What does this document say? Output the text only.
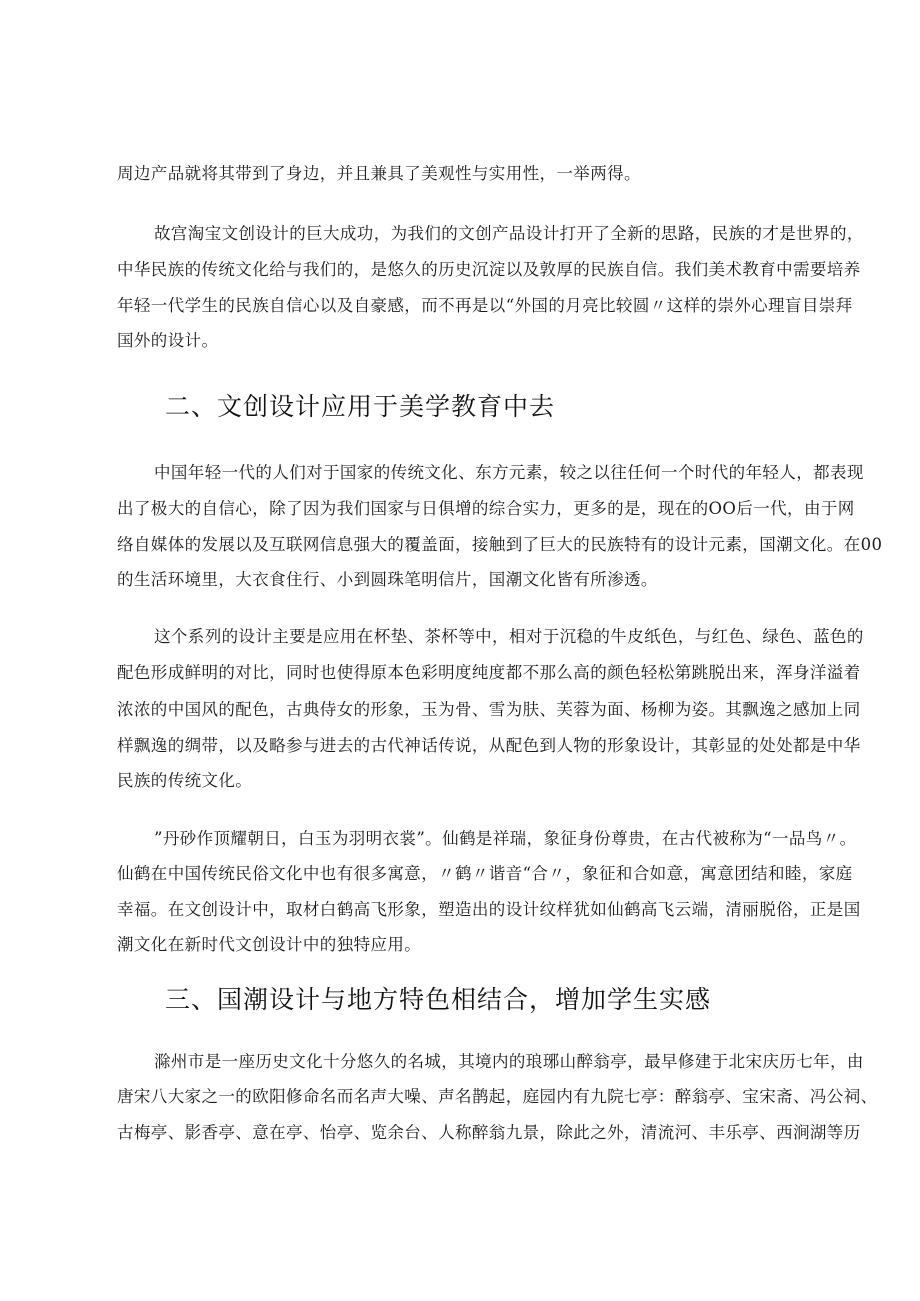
周边产品就将其带到了身边，并且兼具了美观性与实用性，一举两得。
故宫淘宝文创设计的巨大成功，为我们的文创产品设计打开了全新的思路，民族的才是世界的，
中华民族的传统文化给与我们的，是悠久的历史沉淀以及敦厚的民族自信。我们美术教育中需要培养
年轻一代学生的民族自信心以及自豪感，而不再是以“外国的月亮比较圆〃这样的崇外心理盲目崇拜
国外的设计。
二、文创设计应用于美学教育中去
中国年轻一代的人们对于国家的传统文化、东方元素，较之以往任何一个时代的年轻人，都表现
出了极大的自信心，除了因为我们国家与日俱增的综合实力，更多的是，现在的OO后一代，由于网
络自媒体的发展以及互联网信息强大的覆盖面，接触到了巨大的民族特有的设计元素，国潮文化。在00
的生活环境里，大衣食住行、小到圆珠笔明信片，国潮文化皆有所渗透。
这个系列的设计主要是应用在杯垫、茶杯等中，相对于沉稳的牛皮纸色，与红色、绿色、蓝色的
配色形成鲜明的对比，同时也使得原本色彩明度纯度都不那么高的颜色轻松第跳脱出来，浑身洋溢着
浓浓的中国风的配色，古典侍女的形象，玉为骨、雪为肤、芙蓉为面、杨柳为姿。其飘逸之感加上同
样飘逸的绸带，以及略参与进去的古代神话传说，从配色到人物的形象设计，其彰显的处处都是中华
民族的传统文化。
”丹砂作顶耀朝日，白玉为羽明衣裳”。仙鹤是祥瑞，象征身份尊贵，在古代被称为“一品鸟〃。
仙鹤在中国传统民俗文化中也有很多寓意，〃鹤〃谐音“合〃，象征和合如意，寓意团结和睦，家庭
幸福。在文创设计中，取材白鹤高飞形象，塑造出的设计纹样犹如仙鹤高飞云端，清丽脱俗，正是国
潮文化在新时代文创设计中的独特应用。
三、国潮设计与地方特色相结合，增加学生实感
滁州市是一座历史文化十分悠久的名城，其境内的琅琊山醉翁亭，最早修建于北宋庆历七年，由
唐宋八大家之一的欧阳修命名而名声大噪、声名鹊起，庭园内有九院七亭：醉翁亭、宝宋斋、冯公祠、
古梅亭、影香亭、意在亭、怡亭、览余台、人称醉翁九景，除此之外，清流河、丰乐亭、西涧湖等历
